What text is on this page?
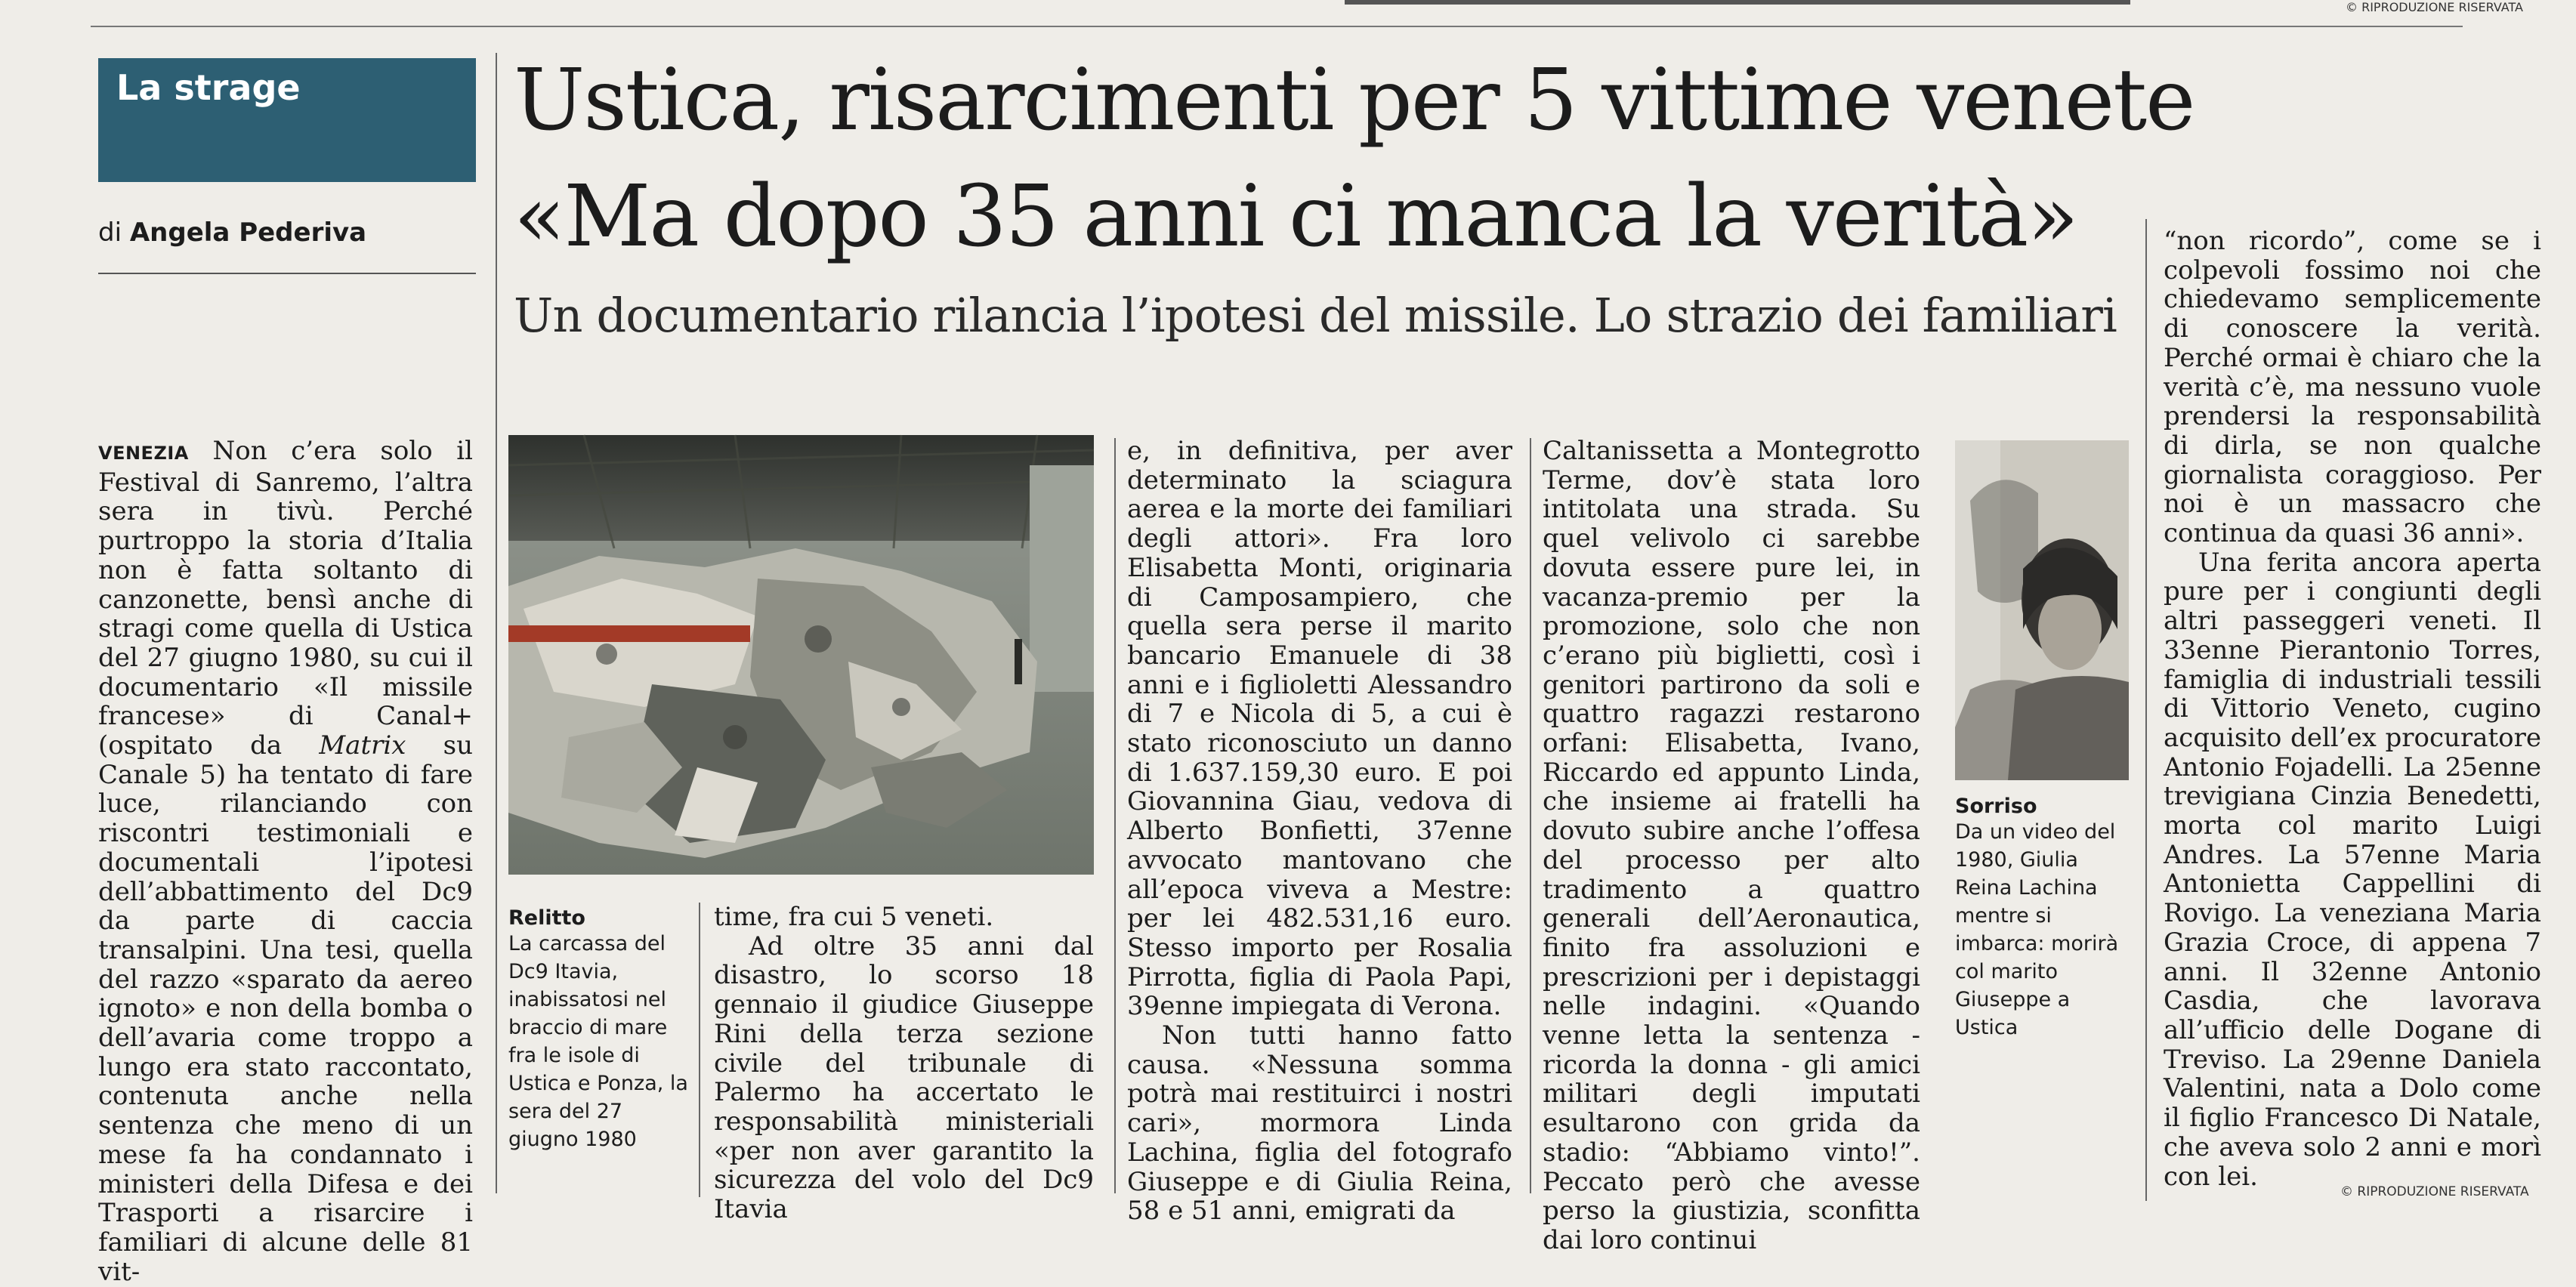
© RIPRODUZIONE RISERVATA
La strage
di Angela Pederiva
Ustica, risarcimenti per 5 vittime venete
«Ma dopo 35 anni ci manca la verità»
Un documentario rilancia l’ipotesi del missile. Lo strazio dei familiari

VENEZIA Non c’era solo il Festival di Sanremo, l’altra sera in tivù. Perché purtroppo la storia d’Italia non è fatta soltanto di canzonette, bensì anche di stragi come quella di Ustica del 27 giugno 1980, su cui il documentario «Il missile francese» di Canal+ (ospitato da Matrix su Canale 5) ha tentato di fare luce, rilanciando con riscontri testimoniali e documentali l’ipotesi dell’abbattimento del Dc9 da parte di caccia transalpini. Una tesi, quella del razzo «sparato da aereo ignoto» e non della bomba o dell’avaria come troppo a lungo era stato raccontato, contenuta anche nella sentenza che meno di un mese fa ha condannato i ministeri della Difesa e dei Trasporti a risarcire i familiari di alcune delle 81 vit-

Relitto
La carcassa del Dc9 Itavia, inabissatosi nel braccio di mare fra le isole di Ustica e Ponza, la sera del 27 giugno 1980

time, fra cui 5 veneti.

Ad oltre 35 anni dal disastro, lo scorso 18 gennaio il giudice Giuseppe Rini della terza sezione civile del tribunale di Palermo ha accertato le responsabilità ministeriali «per non aver garantito la sicurezza del volo del Dc9 Itavia

e, in definitiva, per aver determinato la sciagura aerea e la morte dei familiari degli attori». Fra loro Elisabetta Monti, originaria di Camposampiero, che quella sera perse il marito bancario Emanuele di 38 anni e i figlioletti Alessandro di 7 e Nicola di 5, a cui è stato riconosciuto un danno di 1.637.159,30 euro. E poi Giovannina Giau, vedova di Alberto Bonfietti, 37enne avvocato mantovano che all’epoca viveva a Mestre: per lei 482.531,16 euro. Stesso importo per Rosalia Pirrotta, figlia di Paola Papi, 39enne impiegata di Verona.

Non tutti hanno fatto causa. «Nessuna somma potrà mai restituirci i nostri cari», mormora Linda Lachina, figlia del fotografo Giuseppe e di Giulia Reina, 58 e 51 anni, emigrati da

Caltanissetta a Montegrotto Terme, dov’è stata loro intitolata una strada. Su quel velivolo ci sarebbe dovuta essere pure lei, in vacanza-premio per la promozione, solo che non c’erano più biglietti, così i genitori partirono da soli e quattro ragazzi restarono orfani: Elisabetta, Ivano, Riccardo ed appunto Linda, che insieme ai fratelli ha dovuto subire anche l’offesa del processo per alto tradimento a quattro generali dell’Aeronautica, finito fra assoluzioni e prescrizioni per i depistaggi nelle indagini. «Quando venne letta la sentenza - ricorda la donna - gli amici militari degli imputati esultarono con grida da stadio: “Abbiamo vinto!”. Peccato però che avesse perso la giustizia, sconfitta dai loro continui

Sorriso
Da un video del 1980, Giulia Reina Lachina mentre si imbarca: morirà col marito Giuseppe a Ustica

“non ricordo”, come se i colpevoli fossimo noi che chiedevamo semplicemente di conoscere la verità. Perché ormai è chiaro che la verità c’è, ma nessuno vuole prendersi la responsabilità di dirla, se non qualche giornalista coraggioso. Per noi è un massacro che continua da quasi 36 anni».

Una ferita ancora aperta pure per i congiunti degli altri passeggeri veneti. Il 33enne Pierantonio Torres, famiglia di industriali tessili di Vittorio Veneto, cugino acquisito dell’ex procuratore Antonio Fojadelli. La 25enne trevigiana Cinzia Benedetti, morta col marito Luigi Andres. La 57enne Maria Antonietta Cappellini di Rovigo. La veneziana Maria Grazia Croce, di appena 7 anni. Il 32enne Antonio Casdia, che lavorava all’ufficio delle Dogane di Treviso. La 29enne Daniela Valentini, nata a Dolo come il figlio Francesco Di Natale, che aveva solo 2 anni e morì con lei.

© RIPRODUZIONE RISERVATA
